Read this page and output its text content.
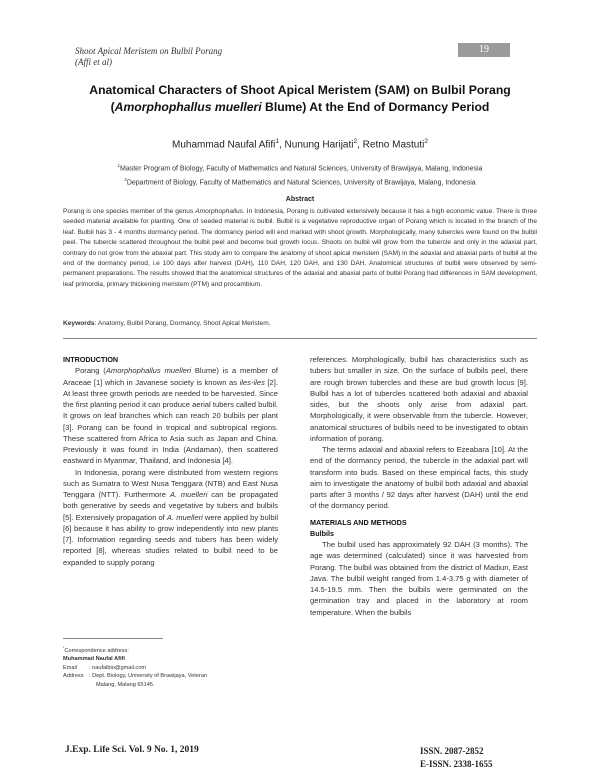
Shoot Apical Meristem on Bulbil Porang
(Affi et al)
19
Anatomical Characters of Shoot Apical Meristem (SAM) on Bulbil Porang
(Amorphophallus muelleri Blume) At the End of Dormancy Period
Muhammad Naufal Afifi$^1$, Nunung Harijati$^2$, Retno Mastuti$^2$
$^1$Master Program of Biology, Faculty of Mathematics and Natural Sciences, University of Brawijaya, Malang, Indonesia
$^2$Department of Biology, Faculty of Mathematics and Natural Sciences, University of Brawijaya, Malang, Indonesia
Abstract
Porang is one species member of the genus Amorphophallus. In Indonesia, Porang is cultivated extensively because it has a high economic value. There is three seeded material available for planting. One of seeded material is bulbil. Bulbil is a vegetative reproductive organ of Porang which is located in the branch of the leaf. Bulbil has 3 - 4 months dormancy period. The dormancy period will end marked with shoot growth. Morphologically, many tubercles were found on the bulbil peel. The tubercle scattered throughout the bulbil peel and become bud growth locus. Shoots on bulbil will grow from the tubercle and only in the adaxial part, contrary do not grow from the abaxial part. This study aim to compare the anatomy of shoot apical meristem (SAM) in the adaxial and abaxial parts of bulbil at the end of the dormancy period, i.e 100 days after harvest (DAH), 110 DAH, 120 DAH, and 130 DAH. Anatomical structures of bulbil were observed by semi-permanent preparations. The results showed that the anatomical structures of the adaxial and abaxial parts of bulbil Porang had differences in SAM development, leaf primordia, primary thickening meristem (PTM) and procambium.
Keywords: Anatomy, Bulbil Porang, Dormancy, Shoot Apical Meristem.
INTRODUCTION

Porang (Amorphophallus muelleri Blume) is a member of Araceae [1] which in Javanese society is known as iles-iles [2]. At least three growth periods are needed to be harvested. Since the first planting period it can produce aerial tubers called bulbil. It grows on leaf branches which can reach 20 bulbils per plant [3]. Porang can be found in tropical and subtropical regions. These scattered from Africa to Asia such as Japan and China. Previously it was found in India (Andaman), then scattered eastward in Myanmar, Thailand, and Indonesia [4].

In Indonesia, porang were distributed from western regions such as Sumatra to West Nusa Tenggara (NTB) and East Nusa Tenggara (NTT). Furthermore A. muelleri can be propagated both generative by seeds and vegetative by tubers and bulbils [5]. Extensively propagation of A. muelleri were applied by bulbil [6] because it has ability to grow independently into new plants [7]. Information regarding seeds and tubers has been widely reported [8], whereas studies related to bulbil need to be expanded to supply porang

*Correspondence address:
Muhammad Naufal Afifi
Email : naufalbio@gmail.com
Address : Dept. Biology, University of Brawijaya, Veteran
Malang, Malang 65145.

references. Morphologically, bulbil has characteristics such as tubers but smaller in size. On the surface of bulbils peel, there are rough brown tubercles and these are bud growth locus [9]. Bulbil has a lot of tubercles scattered both adaxial and abaxial sides, but the shoots only arise from adaxial part. Morphologically, it were observable from the tubercle. However, anatomical structures of bulbils need to be investigated to obtain information of porang.

The terms adaxial and abaxial refers to Ezeabara [10]. At the end of the dormancy period, the tubercle in the adaxial part will transform into buds. Based on these empirical facts, this study aim to investigate the anatomy of bulbil both adaxial and abaxial parts after 3 months / 92 days after harvest (DAH) until the end of the dormancy period.

MATERIALS AND METHODS
Bulbils

The bulbil used has approximately 92 DAH (3 months). The age was determined (calculated) since it was harvested from Porang. The bulbil was obtained from the district of Madiun, East Java. The bulbil weight ranged from 1.4-3.75 g with diameter of 14.5-19.5 mm. Then the bulbils were germinated on the germination tray and placed in the laboratory at room temperature. When the bulbils

J.Exp. Life Sci. Vol. 9 No. 1, 2019	ISSN. 2087-2852
E-ISSN. 2338-1655
